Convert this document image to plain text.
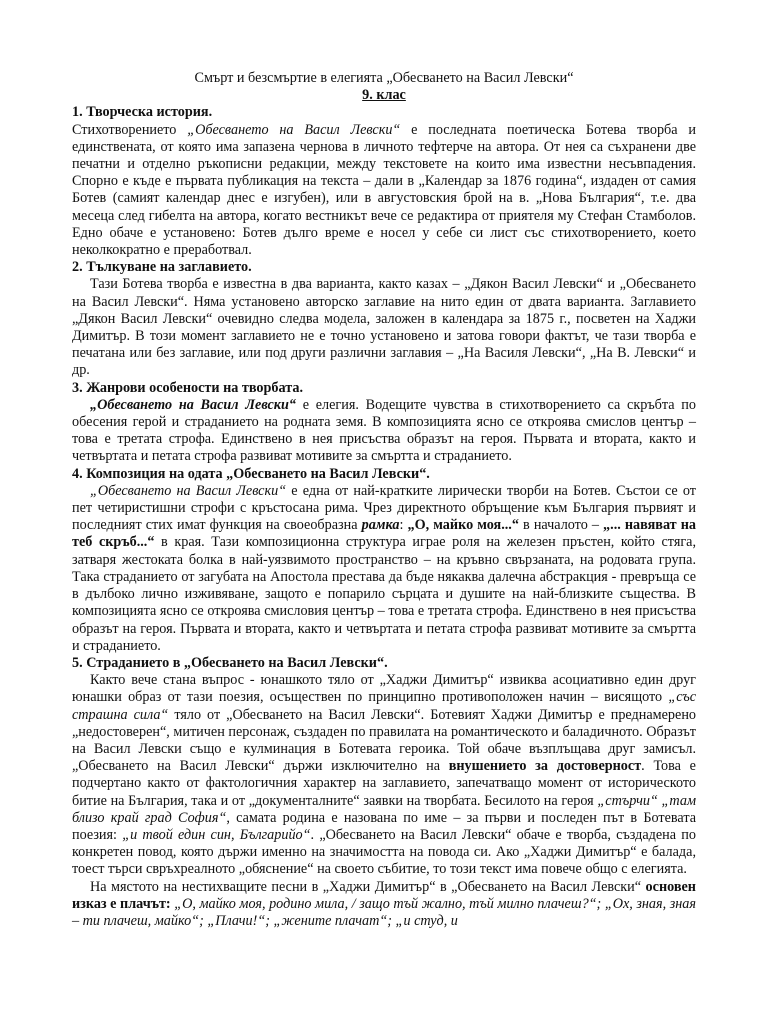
Смърт и безсмъртие в елегията „Обесването на Васил Левски“
9. клас
1. Творческа история.

Стихотворението „Обесването на Васил Левски“ е последната поетическа Ботева творба и единствената, от която има запазена чернова в личното тефтерче на автора. От нея са съхранени две печатни и отделно ръкописни редакции, между текстовете на които има известни несъвпадения. Спорно е къде е първата публикация на текста – дали в „Календар за 1876 година“, издаден от самия Ботев (самият календар днес е изгубен), или в августовския брой на в. „Нова България“, т.е. два месеца след гибелта на автора, когато вестникът вече се редактира от приятеля му Стефан Стамболов. Едно обаче е установено: Ботев дълго време е носел у себе си лист със стихотворението, което неколкократно е преработвал.

2. Тълкуване на заглавието.

Тази Ботева творба е известна в два варианта, както казах – „Дякон Васил Левски“ и „Обесването на Васил Левски“. Няма установено авторско заглавие на нито един от двата варианта. Заглавието „Дякон Васил Левски“ очевидно следва модела, заложен в календара за 1875 г., посветен на Хаджи Димитър. В този момент заглавието не е точно установено и затова говори фактът, че тази творба е печатана или без заглавие, или под други различни заглавия – „На Василя Левски“, „На В. Левски“ и др.

3. Жанрови особености на творбата.

„Обесването на Васил Левски“ е елегия. Водещите чувства в стихотворението са скръбта по обесения герой и страданието на родната земя. В композицията ясно се откроява смислов център – това е третата строфа. Единствено в нея присъства образът на героя. Първата и втората, както и четвъртата и петата строфа развиват мотивите за смъртта и страданието.

4. Композиция на одата „Обесването на Васил Левски“.

„Обесването на Васил Левски“ е една от най-кратките лирически творби на Ботев. Състои се от пет четиристишни строфи с кръстосана рима. Чрез директното обръщение към България първият и последният стих имат функция на своеобразна рамка: „О, майко моя...“ в началото – „... навяват на теб скръб...“ в края. Тази композиционна структура играе роля на железен пръстен, който стяга, затваря жестоката болка в най-уязвимото пространство – на кръвно свързаната, на родовата група. Така страданието от загубата на Апостола престава да бъде някаква далечна абстракция - превръща се в дълбоко лично изживяване, защото е попарило сърцата и душите на най-близките същества. В композицията ясно се откроява смисловия център – това е третата строфа. Единствено в нея присъства образът на героя. Първата и втората, както и четвъртата и петата строфа развиват мотивите за смъртта и страданието.

5. Страданието в „Обесването на Васил Левски“.

Както вече стана въпрос - юнашкото тяло от „Хаджи Димитър“ извиква асоциативно един друг юнашки образ от тази поезия, осъществен по принципно противоположен начин – висящото „със страшна сила“ тяло от „Обесването на Васил Левски“. Ботевият Хаджи Димитър е преднамерено „недостоверен“, митичен персонаж, създаден по правилата на романтическото и баладичното. Образът на Васил Левски също е кулминация в Ботевата героика. Той обаче възплъщава друг замисъл. „Обесването на Васил Левски“ държи изключително на внушението за достоверност. Това е подчертано както от фактологичния характер на заглавието, запечатващо момент от историческото битие на България, така и от „документалните“ заявки на творбата. Бесилото на героя „стърчи“ „там близо край град София“, самата родина е назована по име – за първи и последен път в Ботевата поезия: „и твой един син, Българийо“. „Обесването на Васил Левски“ обаче е творба, създадена по конкретен повод, която държи именно на значимостта на повода си. Ако „Хаджи Димитър“ е балада, тоест търси свръхреалното „обяснение“ на своето събитие, то този текст има повече общо с елегията.

На мястото на нестихващите песни в „Хаджи Димитър“ в „Обесването на Васил Левски“ основен изказ е плачът: „О, майко моя, родино мила, / защо тъй жално, тъй милно плачеш?“; „Ох, зная, зная – ти плачеш, майко“; „Плачи!“; „жените плачат“; „и студ, и
